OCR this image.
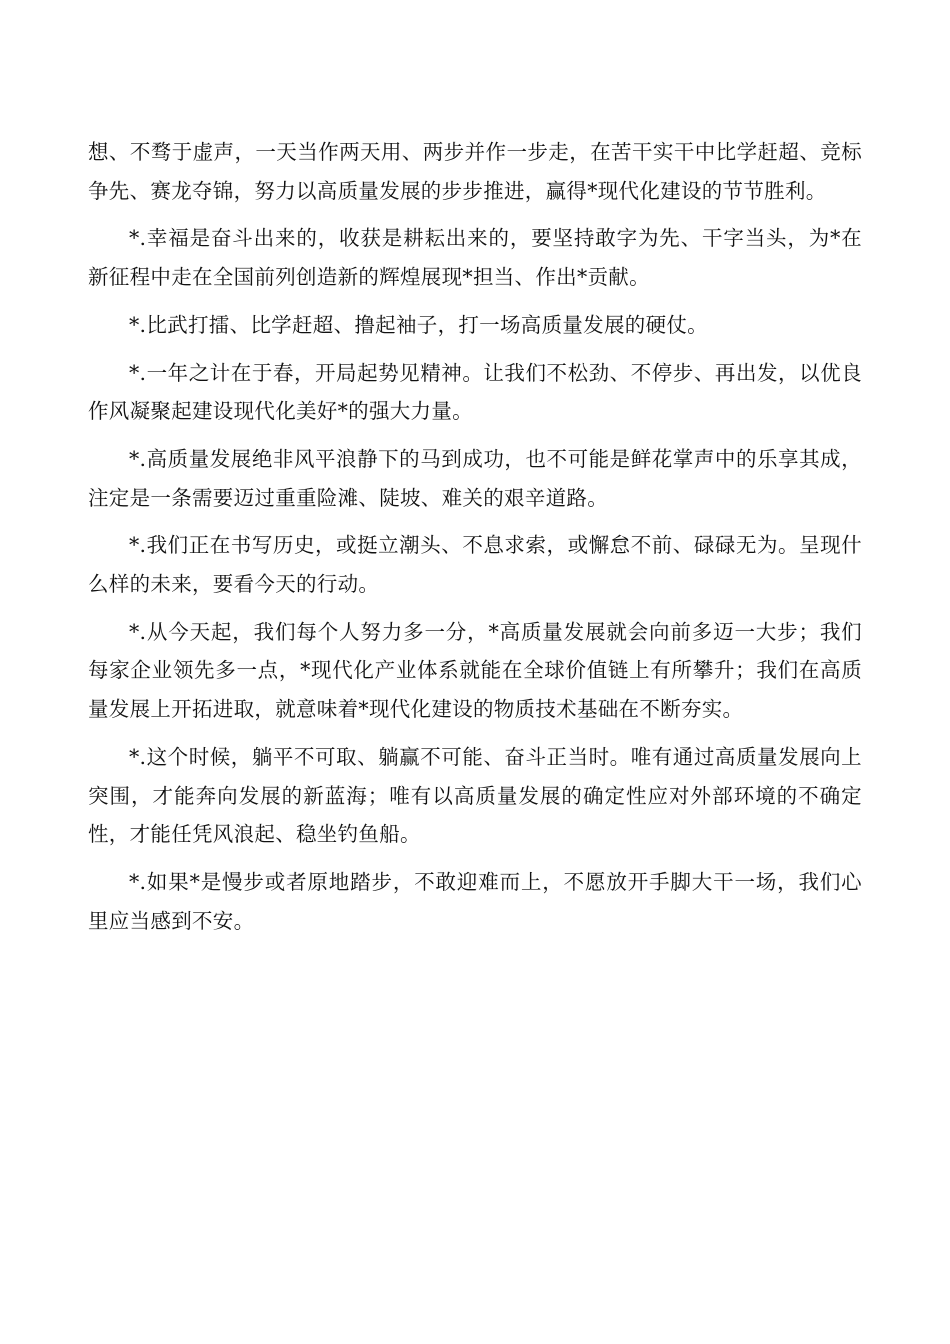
想、不骛于虚声，一天当作两天用、两步并作一步走，在苦干实干中比学赶超、竞标争先、赛龙夺锦，努力以高质量发展的步步推进，赢得*现代化建设的节节胜利。

*.幸福是奋斗出来的，收获是耕耘出来的，要坚持敢字为先、干字当头，为*在新征程中走在全国前列创造新的辉煌展现*担当、作出*贡献。

*.比武打擂、比学赶超、撸起袖子，打一场高质量发展的硬仗。

*.一年之计在于春，开局起势见精神。让我们不松劲、不停步、再出发，以优良作风凝聚起建设现代化美好*的强大力量。

*.高质量发展绝非风平浪静下的马到成功，也不可能是鲜花掌声中的乐享其成，注定是一条需要迈过重重险滩、陡坡、难关的艰辛道路。

*.我们正在书写历史，或挺立潮头、不息求索，或懈怠不前、碌碌无为。呈现什么样的未来，要看今天的行动。

*.从今天起，我们每个人努力多一分，*高质量发展就会向前多迈一大步；我们每家企业领先多一点，*现代化产业体系就能在全球价值链上有所攀升；我们在高质量发展上开拓进取，就意味着*现代化建设的物质技术基础在不断夯实。

*.这个时候，躺平不可取、躺赢不可能、奋斗正当时。唯有通过高质量发展向上突围，才能奔向发展的新蓝海；唯有以高质量发展的确定性应对外部环境的不确定性，才能任凭风浪起、稳坐钓鱼船。

*.如果*是慢步或者原地踏步，不敢迎难而上，不愿放开手脚大干一场，我们心里应当感到不安。
